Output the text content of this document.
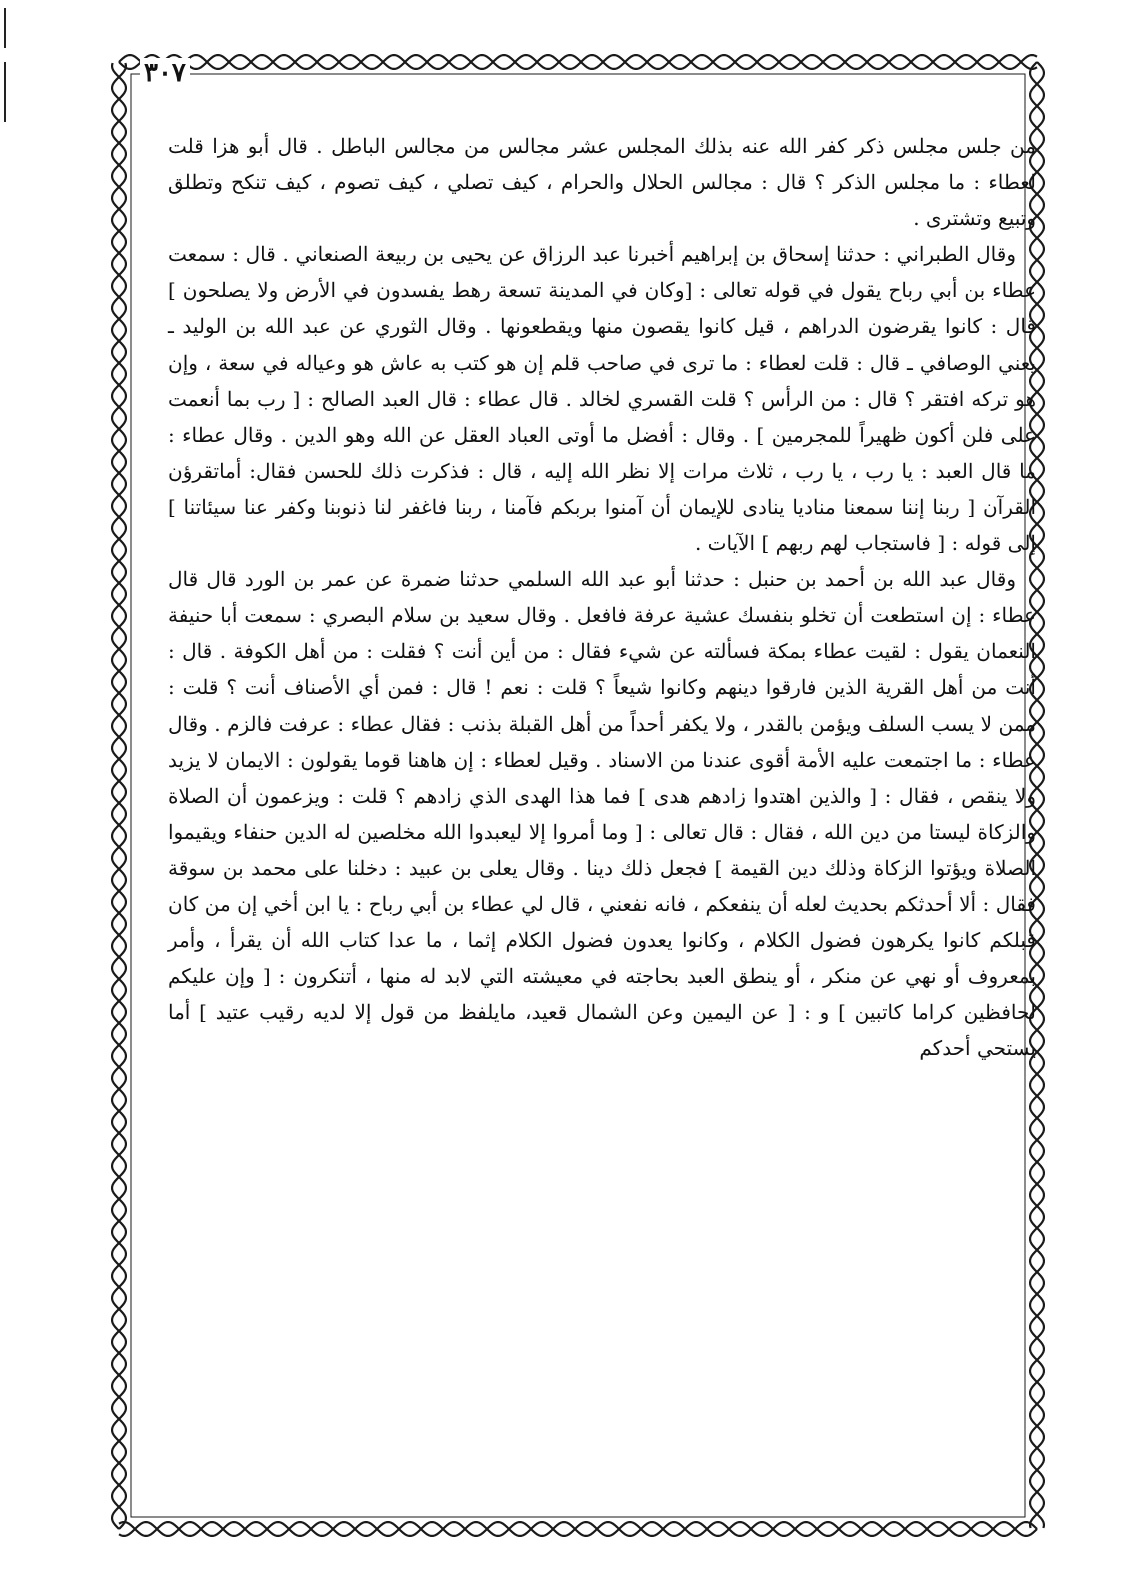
٣٠٧

من جلس مجلس ذكر كفر الله عنه بذلك المجلس عشر مجالس من مجالس الباطل . قال أبو هزا قلت لعطاء : ما مجلس الذكر ؟ قال : مجالس الحلال والحرام ، كيف تصلي ، كيف تصوم ، كيف تنكح وتطلق وتبيع وتشترى .

وقال الطبراني : حدثنا إسحاق بن إبراهيم أخبرنا عبد الرزاق عن يحيى بن ربيعة الصنعاني . قال : سمعت عطاء بن أبي رباح يقول في قوله تعالى : [وكان في المدينة تسعة رهط يفسدون في الأرض ولا يصلحون ] قال : كانوا يقرضون الدراهم ، قيل كانوا يقصون منها ويقطعونها . وقال الثوري عن عبد الله بن الوليد ـ يعني الوصافي ـ قال : قلت لعطاء : ما ترى في صاحب قلم إن هو كتب به عاش هو وعياله في سعة ، وإن هو تركه افتقر ؟ قال : من الرأس ؟ قلت القسري لخالد . قال عطاء : قال العبد الصالح : [ رب بما أنعمت على فلن أكون ظهيراً للمجرمين ] . وقال : أفضل ما أوتى العباد العقل عن الله وهو الدين . وقال عطاء : ما قال العبد : يا رب ، يا رب ، ثلاث مرات إلا نظر الله إليه ، قال : فذكرت ذلك للحسن فقال: أماتقرؤن القرآن [ ربنا إننا سمعنا مناديا ينادى للإيمان أن آمنوا بربكم فآمنا ، ربنا فاغفر لنا ذنوبنا وكفر عنا سيئاتنا ] إلى قوله : [ فاستجاب لهم ربهم ] الآيات .

وقال عبد الله بن أحمد بن حنبل : حدثنا أبو عبد الله السلمي حدثنا ضمرة عن عمر بن الورد قال قال عطاء : إن استطعت أن تخلو بنفسك عشية عرفة فافعل . وقال سعيد بن سلام البصري : سمعت أبا حنيفة النعمان يقول : لقيت عطاء بمكة فسألته عن شيء فقال : من أين أنت ؟ فقلت : من أهل الكوفة . قال : أنت من أهل القرية الذين فارقوا دينهم وكانوا شيعاً ؟ قلت : نعم ! قال : فمن أي الأصناف أنت ؟ قلت : ممن لا يسب السلف ويؤمن بالقدر ، ولا يكفر أحداً من أهل القبلة بذنب : فقال عطاء : عرفت فالزم . وقال عطاء : ما اجتمعت عليه الأمة أقوى عندنا من الاسناد . وقيل لعطاء : إن هاهنا قوما يقولون : الايمان لا يزيد ولا ينقص ، فقال : [ والذين اهتدوا زادهم هدى ] فما هذا الهدى الذي زادهم ؟ قلت : ويزعمون أن الصلاة والزكاة ليستا من دين الله ، فقال : قال تعالى : [ وما أمروا إلا ليعبدوا الله مخلصين له الدين حنفاء ويقيموا الصلاة ويؤتوا الزكاة وذلك دين القيمة ] فجعل ذلك دينا . وقال يعلى بن عبيد : دخلنا على محمد بن سوقة فقال : ألا أحدثكم بحديث لعله أن ينفعكم ، فانه نفعني ، قال لي عطاء بن أبي رباح : يا ابن أخي إن من كان قبلكم كانوا يكرهون فضول الكلام ، وكانوا يعدون فضول الكلام إثما ، ما عدا كتاب الله أن يقرأ ، وأمر بمعروف أو نهي عن منكر ، أو ينطق العبد بحاجته في معيشته التي لابد له منها ، أتنكرون : [ وإن عليكم لحافظين كراما كاتبين ] و : [ عن اليمين وعن الشمال قعيد، مايلفظ من قول إلا لديه رقيب عتيد ] أما يستحي أحدكم
